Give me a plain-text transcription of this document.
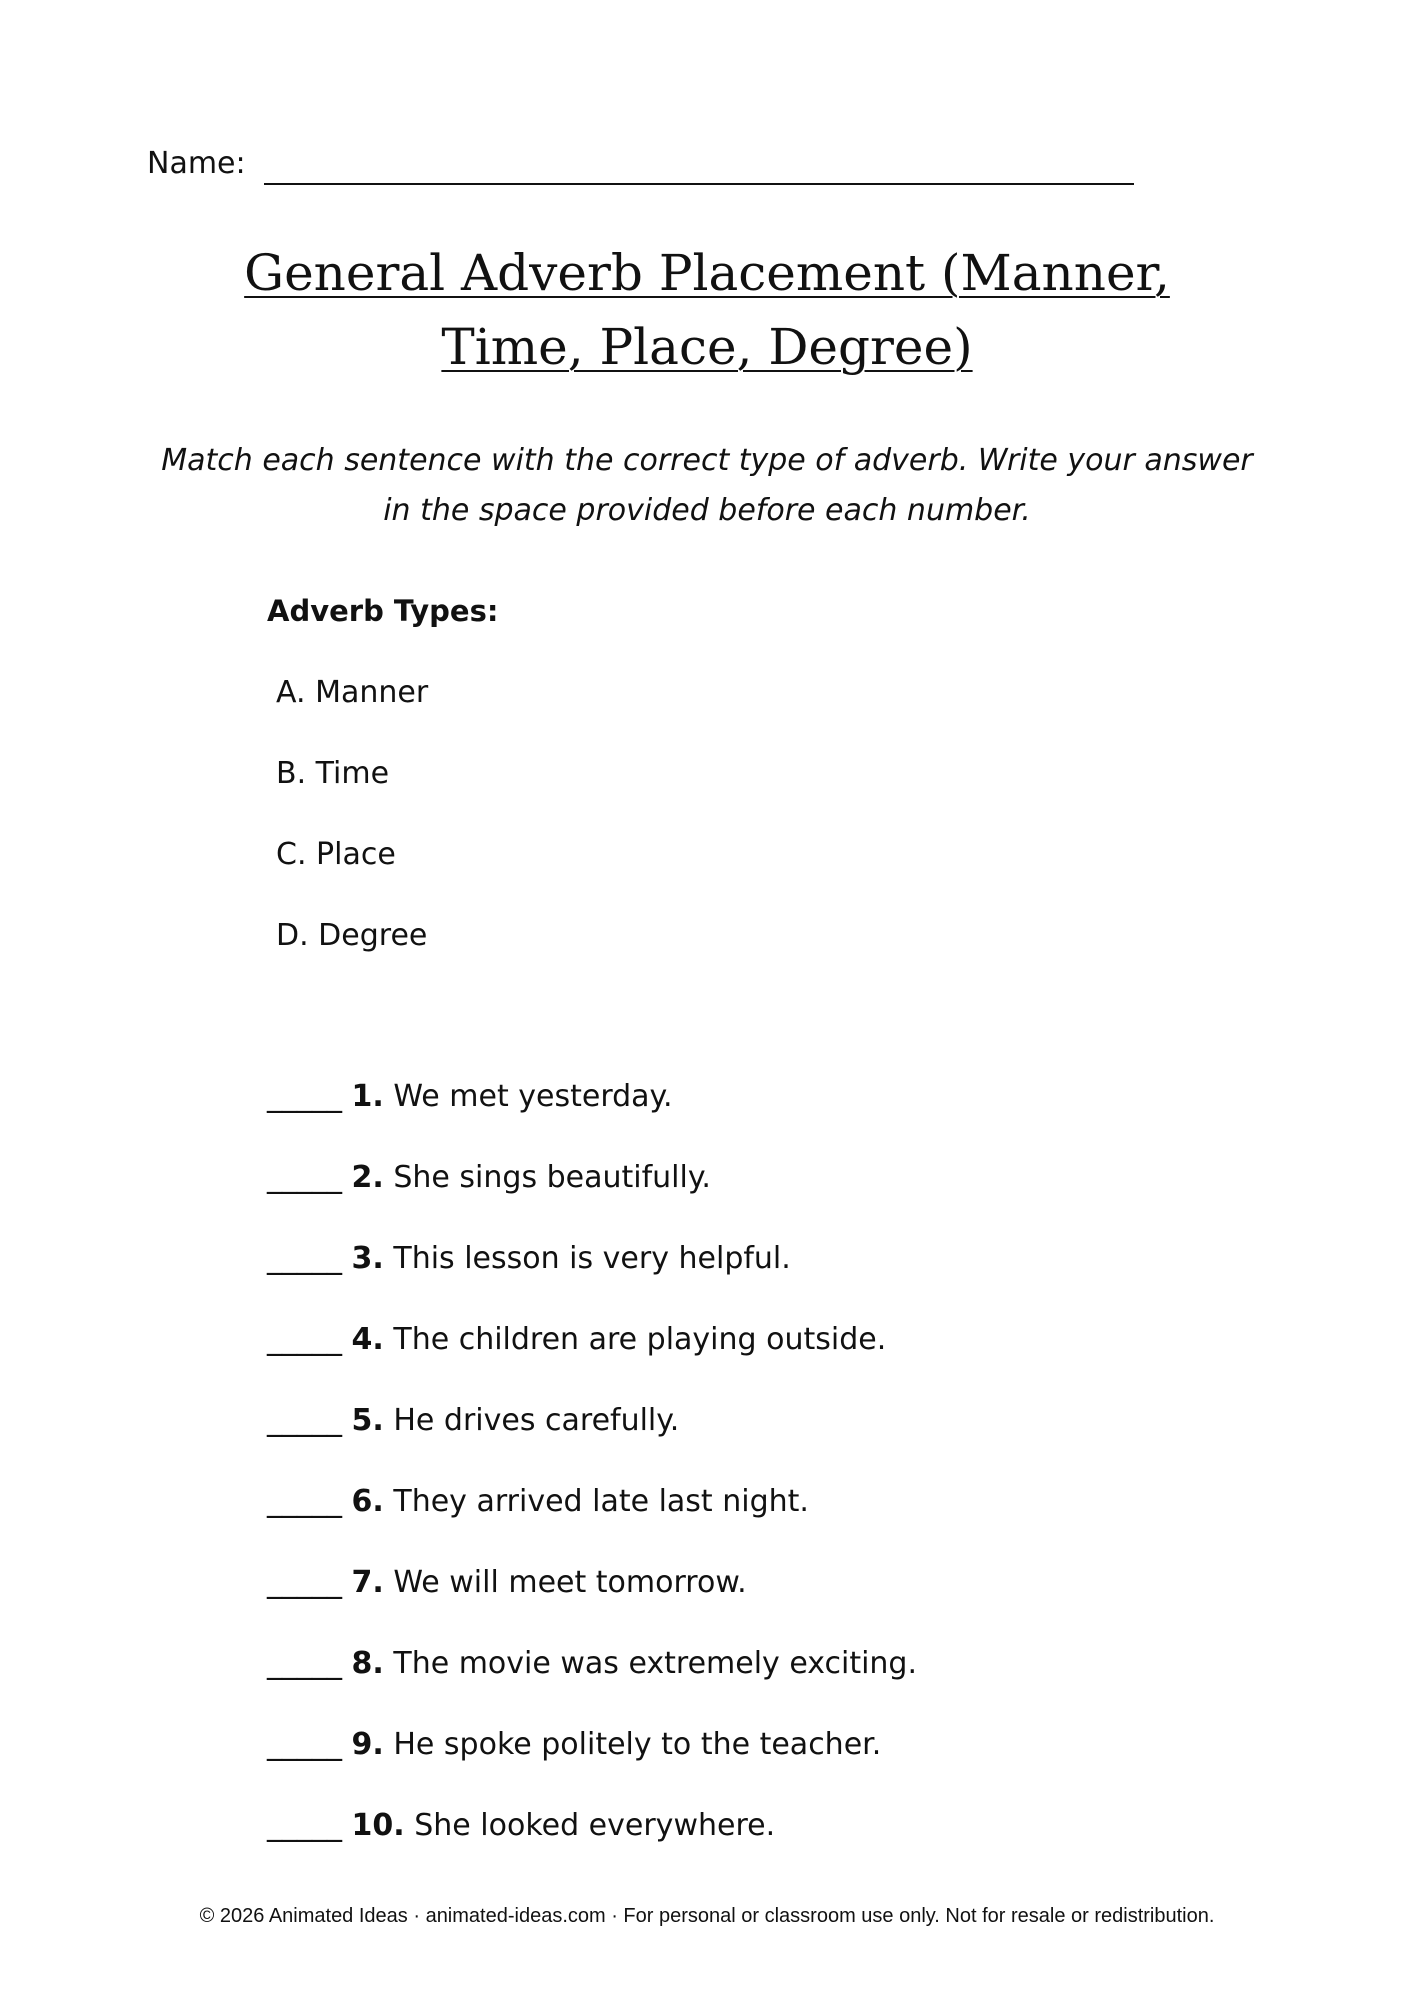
Name:
General Adverb Placement (Manner,
Time, Place, Degree)
Match each sentence with the correct type of adverb. Write your answer in the space provided before each number.
Adverb Types:
A. Manner
B. Time
C. Place
D. Degree
_____ 1. We met yesterday.
_____ 2. She sings beautifully.
_____ 3. This lesson is very helpful.
_____ 4. The children are playing outside.
_____ 5. He drives carefully.
_____ 6. They arrived late last night.
_____ 7. We will meet tomorrow.
_____ 8. The movie was extremely exciting.
_____ 9. He spoke politely to the teacher.
_____ 10. She looked everywhere.
© 2026 Animated Ideas · animated-ideas.com · For personal or classroom use only. Not for resale or redistribution.
